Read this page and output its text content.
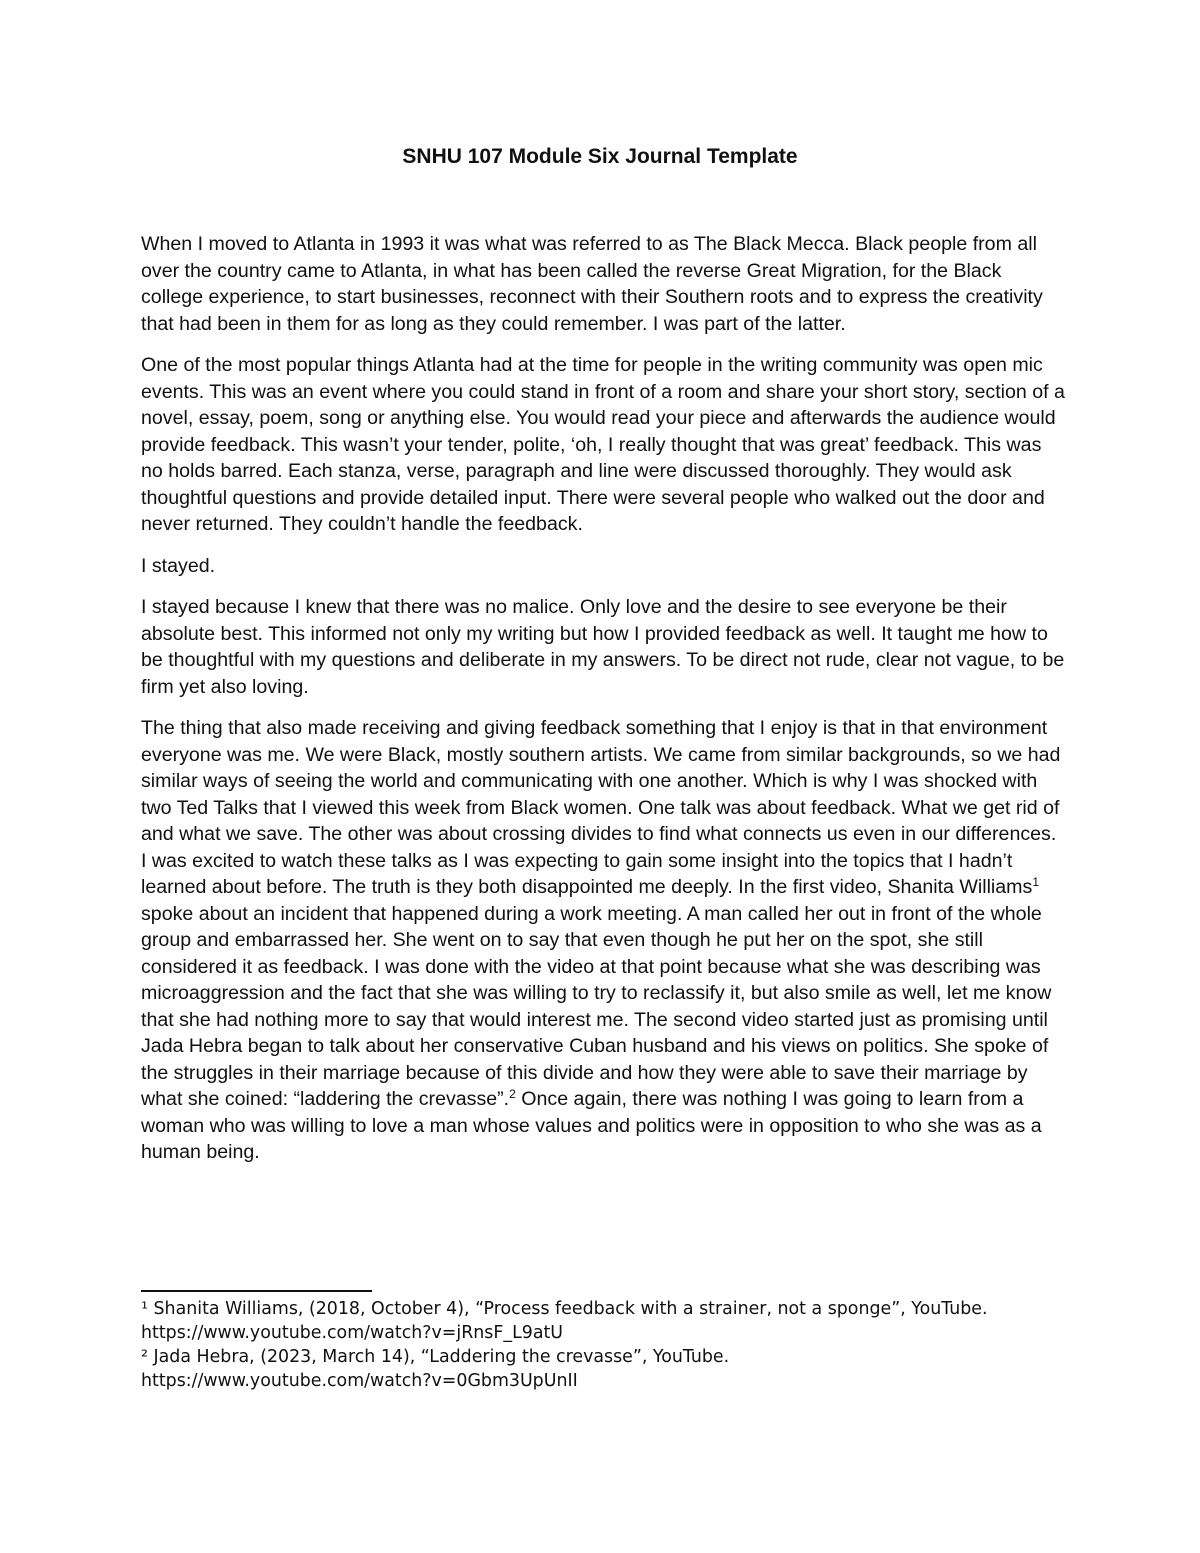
SNHU 107 Module Six Journal Template

When I moved to Atlanta in 1993 it was what was referred to as The Black Mecca. Black people from all over the country came to Atlanta, in what has been called the reverse Great Migration, for the Black college experience, to start businesses, reconnect with their Southern roots and to express the creativity that had been in them for as long as they could remember. I was part of the latter.

One of the most popular things Atlanta had at the time for people in the writing community was open mic events. This was an event where you could stand in front of a room and share your short story, section of a novel, essay, poem, song or anything else. You would read your piece and afterwards the audience would provide feedback. This wasn’t your tender, polite, ‘oh, I really thought that was great’ feedback. This was no holds barred. Each stanza, verse, paragraph and line were discussed thoroughly. They would ask thoughtful questions and provide detailed input. There were several people who walked out the door and never returned. They couldn’t handle the feedback.

I stayed.

I stayed because I knew that there was no malice. Only love and the desire to see everyone be their absolute best. This informed not only my writing but how I provided feedback as well. It taught me how to be thoughtful with my questions and deliberate in my answers. To be direct not rude, clear not vague, to be firm yet also loving.

The thing that also made receiving and giving feedback something that I enjoy is that in that environment everyone was me. We were Black, mostly southern artists. We came from similar backgrounds, so we had similar ways of seeing the world and communicating with one another. Which is why I was shocked with two Ted Talks that I viewed this week from Black women. One talk was about feedback. What we get rid of and what we save. The other was about crossing divides to find what connects us even in our differences. I was excited to watch these talks as I was expecting to gain some insight into the topics that I hadn’t learned about before. The truth is they both disappointed me deeply. In the first video, Shanita Williams$^1$ spoke about an incident that happened during a work meeting. A man called her out in front of the whole group and embarrassed her. She went on to say that even though he put her on the spot, she still considered it as feedback. I was done with the video at that point because what she was describing was microaggression and the fact that she was willing to try to reclassify it, but also smile as well, let me know that she had nothing more to say that would interest me. The second video started just as promising until Jada Hebra began to talk about her conservative Cuban husband and his views on politics. She spoke of the struggles in their marriage because of this divide and how they were able to save their marriage by what she coined: “laddering the crevasse”.$^2$ Once again, there was nothing I was going to learn from a woman who was willing to love a man whose values and politics were in opposition to who she was as a human being.

¹ Shanita Williams, (2018, October 4), “Process feedback with a strainer, not a sponge”, YouTube.
https://www.youtube.com/watch?v=jRnsF_L9atU

² Jada Hebra, (2023, March 14), “Laddering the crevasse”, YouTube.
https://www.youtube.com/watch?v=0Gbm3UpUnII
